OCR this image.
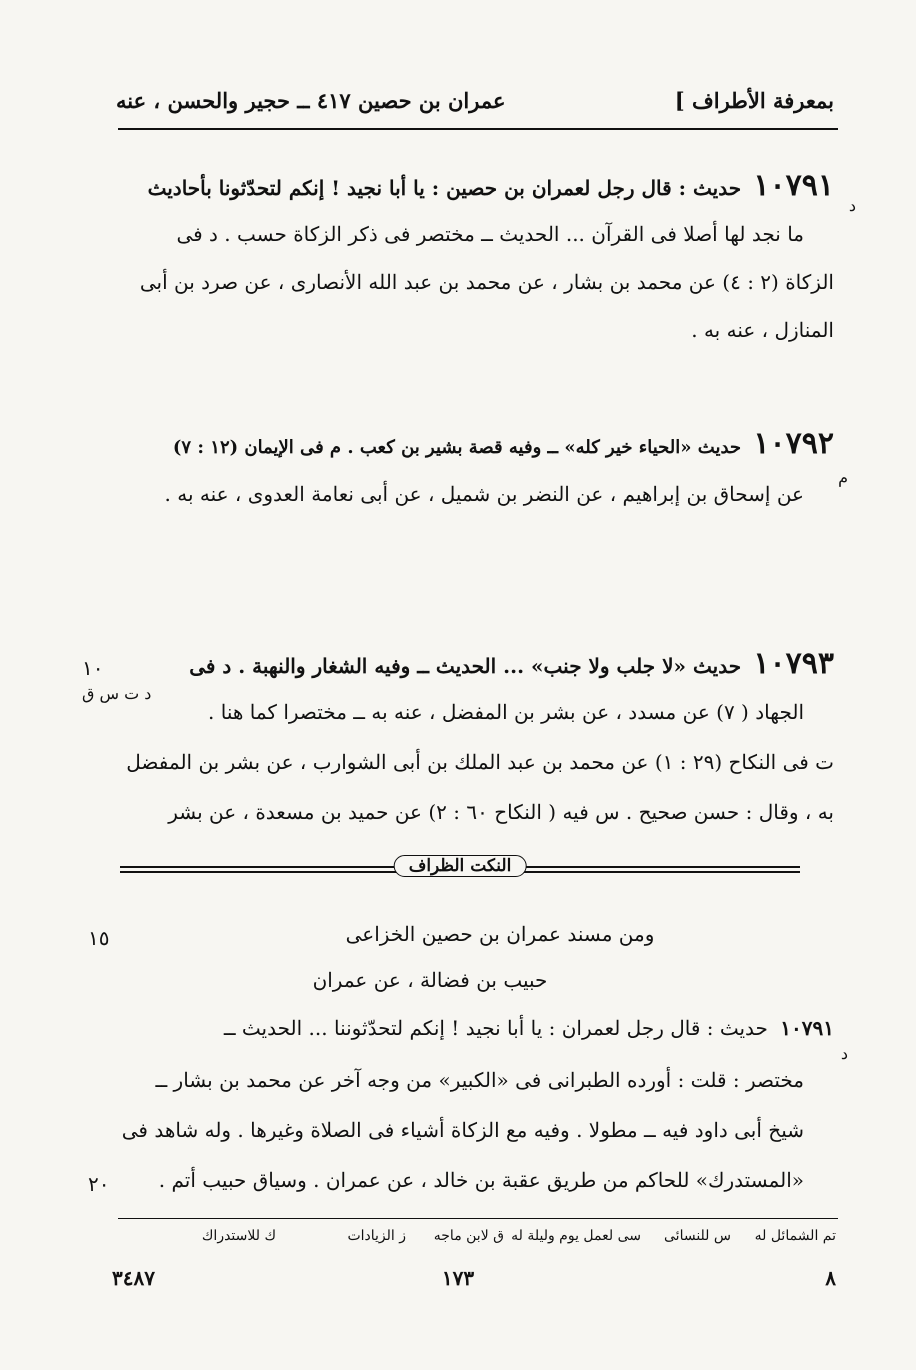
بمعرفة الأطراف ]
عمران بن حصين ٤١٧ ــ حجير والحسن ، عنه
١٠٧٩١ حديث : قال رجل لعمران بن حصين : يا أبا نجيد ! إنكم لتحدّثونا بأحاديث
د
ما نجد لها أصلا فى القرآن ... الحديث ــ مختصر فى ذكر الزكاة حسب . د فى
الزكاة (٢ : ٤) عن محمد بن بشار ، عن محمد بن عبد الله الأنصارى ، عن صرد بن أبى
المنازل ، عنه به .
١٠٧٩٢ حديث «الحياء خير كله» ــ وفيه قصة بشير بن كعب . م فى الإيمان (١٢ : ٧)
م
عن إسحاق بن إبراهيم ، عن النضر بن شميل ، عن أبى نعامة العدوى ، عنه به .
١٠٧٩٣ حديث «لا جلب ولا جنب» ... الحديث ــ وفيه الشغار والنهبة . د فى
١٠
د ت س ق
الجهاد ( ٧) عن مسدد ، عن بشر بن المفضل ، عنه به ــ مختصرا كما هنا .
ت فى النكاح (٢٩ : ١) عن محمد بن عبد الملك بن أبى الشوارب ، عن بشر بن المفضل
به ، وقال : حسن صحيح . س فيه ( النكاح ٦٠ : ٢) عن حميد بن مسعدة ، عن بشر
النكت الظراف
ومن مسند عمران بن حصين الخزاعى
١٥
حبيب بن فضالة ، عن عمران
١٠٧٩١ حديث : قال رجل لعمران : يا أبا نجيد ! إنكم لتحدّثوننا ... الحديث ــ
د
مختصر : قلت : أورده الطبرانى فى «الكبير» من وجه آخر عن محمد بن بشار ــ
شيخ أبى داود فيه ــ مطولا . وفيه مع الزكاة أشياء فى الصلاة وغيرها . وله شاهد فى
«المستدرك» للحاكم من طريق عقبة بن خالد ، عن عمران . وسياق حبيب أتم .
٢٠
تم الشمائل له
س للنسائى
سى لعمل يوم وليلة له
ق لابن ماجه
ز الزيادات
ك للاستدراك
٨
١٧٣
٣٤٨٧
